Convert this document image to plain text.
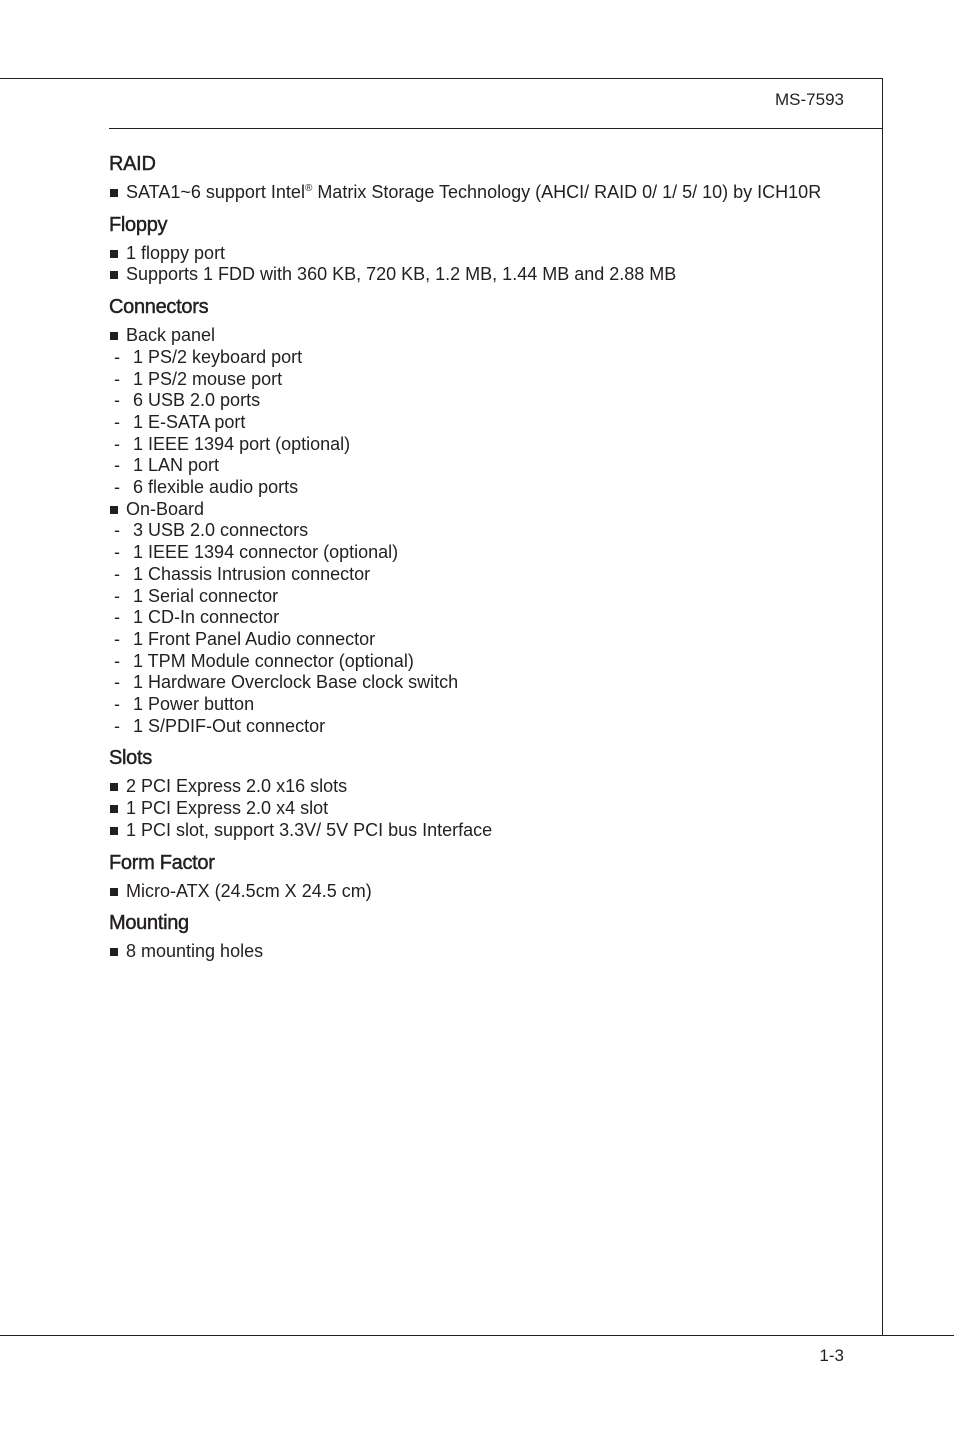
MS-7593
RAID
SATA1~6 support Intel® Matrix Storage Technology (AHCI/ RAID 0/ 1/ 5/ 10) by ICH10R
Floppy
1 floppy port
Supports 1 FDD with 360 KB, 720 KB, 1.2 MB, 1.44 MB and 2.88 MB
Connectors
Back panel
- 1 PS/2 keyboard port
- 1 PS/2 mouse port
- 6 USB 2.0 ports
- 1 E-SATA port
- 1 IEEE 1394 port (optional)
- 1 LAN port
- 6 flexible audio ports
On-Board
- 3 USB 2.0 connectors
- 1 IEEE 1394 connector (optional)
- 1 Chassis Intrusion connector
- 1 Serial connector
- 1 CD-In connector
- 1 Front Panel Audio connector
- 1 TPM Module connector (optional)
- 1 Hardware Overclock Base clock switch
- 1 Power button
- 1 S/PDIF-Out connector
Slots
2 PCI Express 2.0 x16 slots
1 PCI Express 2.0 x4 slot
1 PCI slot, support 3.3V/ 5V PCI bus Interface
Form Factor
Micro-ATX (24.5cm X 24.5 cm)
Mounting
8 mounting holes
1-3
